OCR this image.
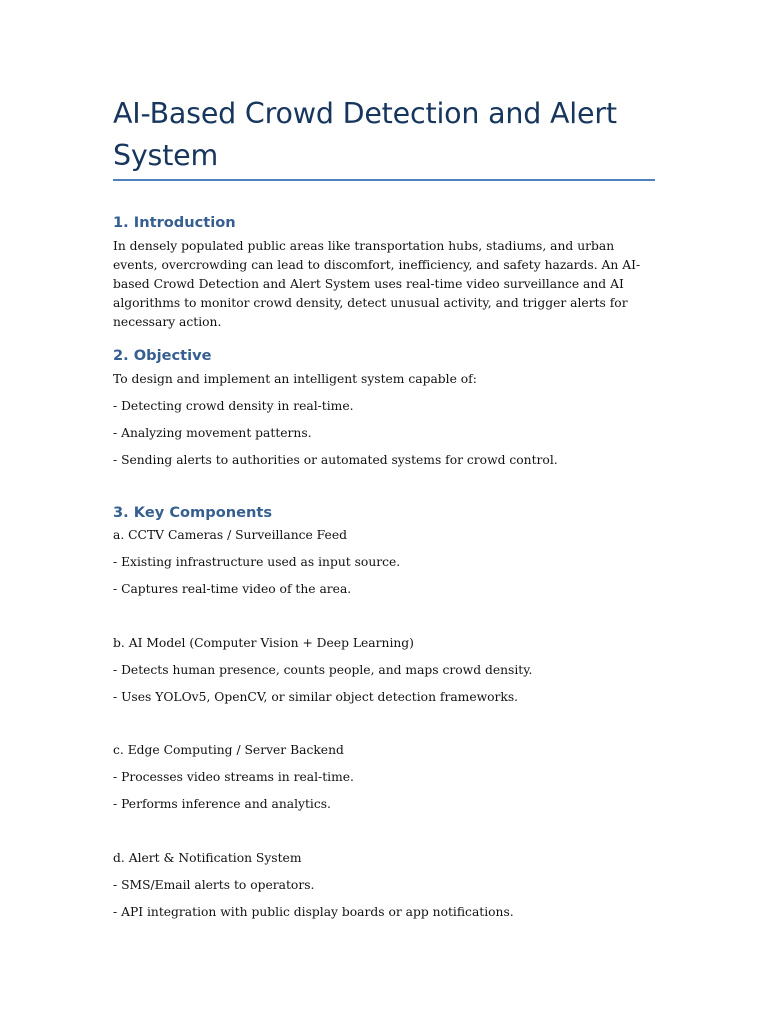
AI-Based Crowd Detection and Alert System
1. Introduction

In densely populated public areas like transportation hubs, stadiums, and urban events, overcrowding can lead to discomfort, inefficiency, and safety hazards. An AI-based Crowd Detection and Alert System uses real-time video surveillance and AI algorithms to monitor crowd density, detect unusual activity, and trigger alerts for necessary action.

2. Objective

To design and implement an intelligent system capable of:

- Detecting crowd density in real-time.

- Analyzing movement patterns.

- Sending alerts to authorities or automated systems for crowd control.

3. Key Components

a. CCTV Cameras / Surveillance Feed

- Existing infrastructure used as input source.

- Captures real-time video of the area.

b. AI Model (Computer Vision + Deep Learning)

- Detects human presence, counts people, and maps crowd density.

- Uses YOLOv5, OpenCV, or similar object detection frameworks.

c. Edge Computing / Server Backend

- Processes video streams in real-time.

- Performs inference and analytics.

d. Alert & Notification System

- SMS/Email alerts to operators.

- API integration with public display boards or app notifications.
